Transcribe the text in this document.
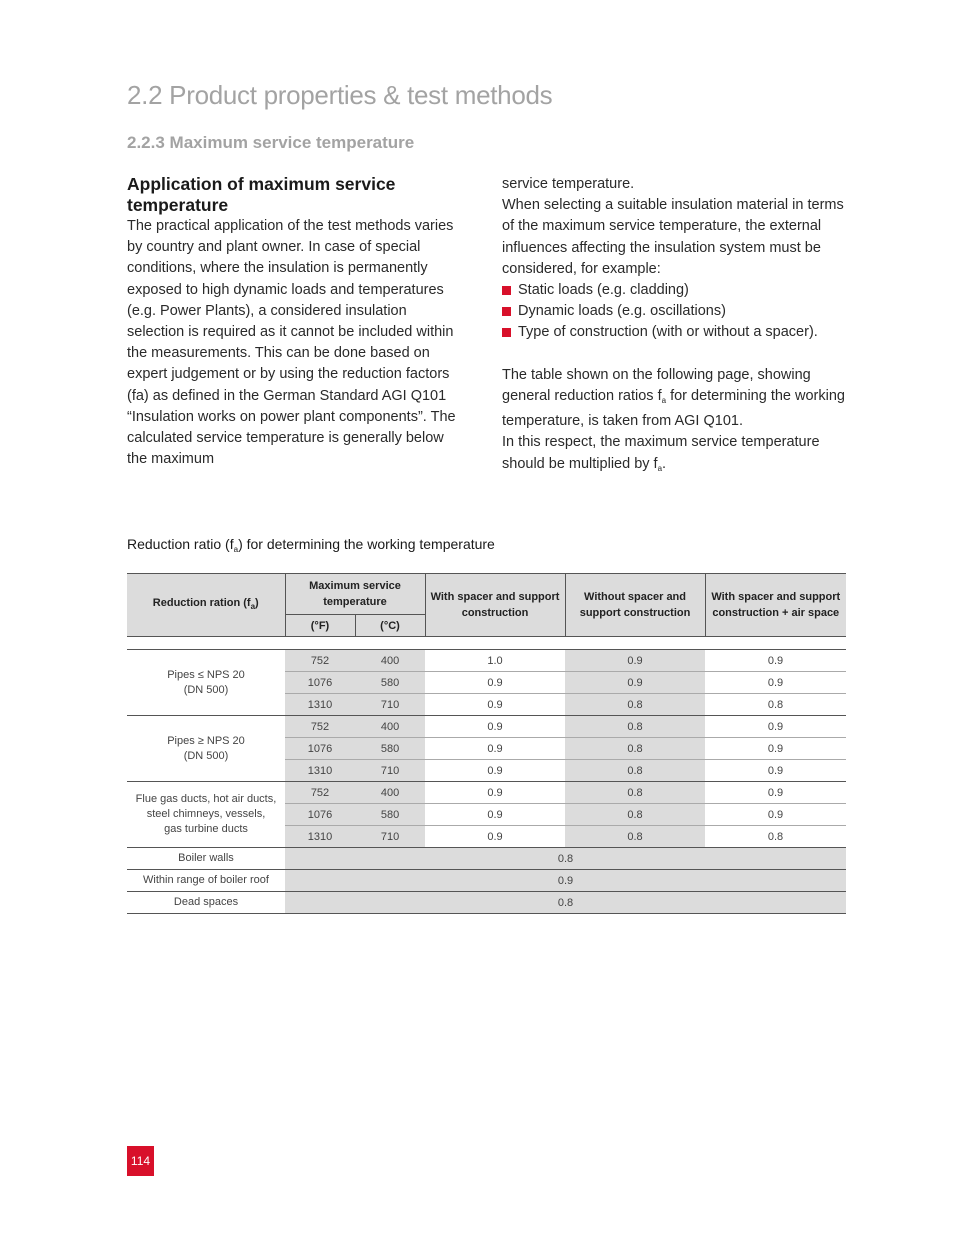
2.2 Product properties & test methods
2.2.3 Maximum service temperature
Application of maximum service temperature

The practical application of the test methods varies by country and plant owner. In case of special conditions, where the insulation is permanently exposed to high dynamic loads and temperatures (e.g. Power Plants), a considered insulation selection is required as it cannot be included within the measurements. This can be done based on expert judgement or by using the reduction factors (fa) as defined in the German Standard AGI Q101 “Insulation works on power plant components”. The calculated service temperature is generally below the maximum

service temperature.

When selecting a suitable insulation material in terms of the maximum service temperature, the external influences affecting the insulation system must be considered, for example:

Static loads (e.g. cladding)
Dynamic loads (e.g. oscillations)
Type of construction (with or without a spacer).

The table shown on the following page, showing general reduction ratios $f_a$ for determining the working temperature, is taken from AGI Q101.

In this respect, the maximum service temperature should be multiplied by $f_a$.

Reduction ratio $(f_a)$ for determining the working temperature
Reduction ration $(f_a)$	Maximum service temperature		With spacer and support construction	Without spacer and support construction	With spacer and support construction + air space
	(°F)	(°C)			

Pipes ≤ NPS 20
(DN 500)	752	400	1.0	0.9	0.9
	1076	580	0.9	0.9	0.9
	1310	710	0.9	0.8	0.8
Pipes ≥ NPS 20
(DN 500)	752	400	0.9	0.8	0.9
	1076	580	0.9	0.8	0.9
	1310	710	0.9	0.8	0.9
Flue gas ducts, hot air ducts,
steel chimneys, vessels,
gas turbine ducts	752	400	0.9	0.8	0.9
	1076	580	0.9	0.8	0.9
	1310	710	0.9	0.8	0.8
Boiler walls	0.8				
Within range of boiler roof	0.9				
Dead spaces	0.8				
114
